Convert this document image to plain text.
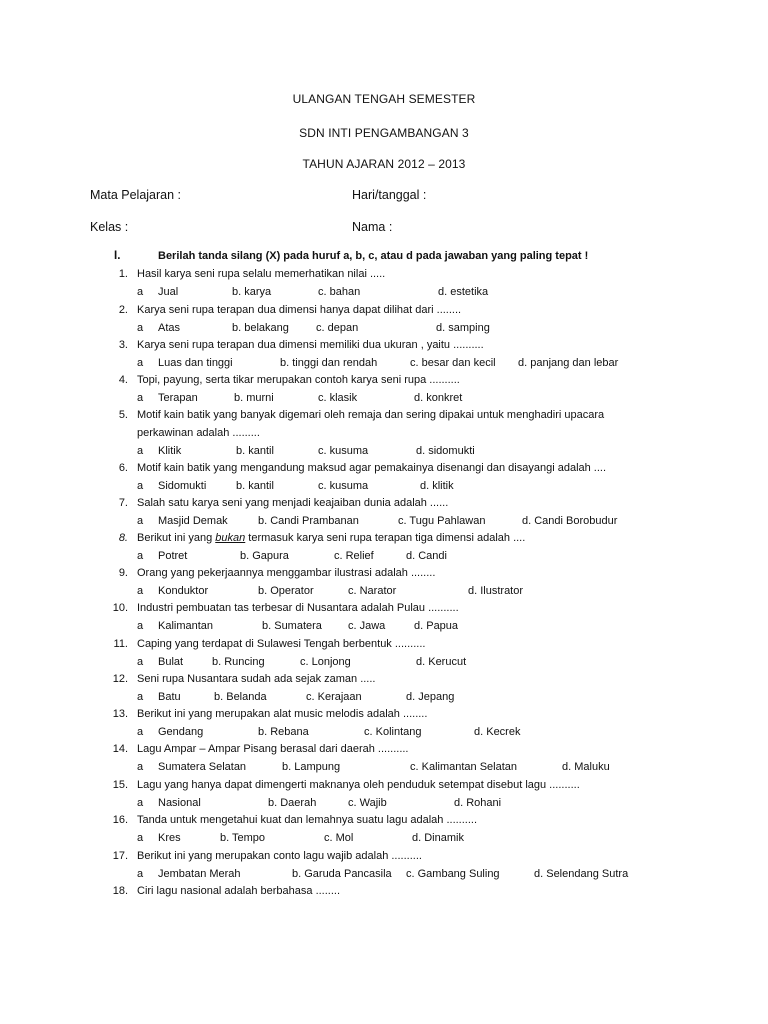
ULANGAN TENGAH SEMESTER
SDN INTI PENGAMBANGAN 3
TAHUN AJARAN 2012 – 2013
Mata Pelajaran :	Hari/tanggal :
Kelas :	Nama :
I.	Berilah tanda silang (X) pada huruf a, b, c, atau d pada jawaban yang paling tepat !
1. Hasil karya seni rupa selalu memerhatikan nilai .....
a Jual	b. karya	c. bahan	d. estetika
2. Karya seni rupa terapan dua dimensi hanya dapat dilihat dari ........
a Atas	b. belakang c. depan	d. samping
3. Karya seni rupa terapan dua dimensi memiliki dua ukuran , yaitu ..........
a Luas dan tinggi	b. tinggi dan rendah	c. besar dan kecil d. panjang dan lebar
4. Topi, payung, serta tikar merupakan contoh karya seni rupa ..........
a Terapan	b. murni	c. klasik	d. konkret
5. Motif kain batik yang banyak digemari oleh remaja dan sering dipakai untuk menghadiri upacara
perkawinan adalah .........
a Klitik	b. kantil	c. kusuma	d. sidomukti
6. Motif kain batik yang mengandung maksud agar pemakainya disenangi dan disayangi adalah ....
a Sidomukti	b. kantil	c. kusuma	d. klitik
7. Salah satu karya seni yang menjadi keajaiban dunia adalah ......
a Masjid Demak	b. Candi Prambanan	c. Tugu Pahlawan	d. Candi Borobudur
8. Berikut ini yang bukan termasuk karya seni rupa terapan tiga dimensi adalah ....
a Potret	b. Gapura	c. Relief	d. Candi
9. Orang yang pekerjaannya menggambar ilustrasi adalah ........
a Konduktor	b. Operator	c. Narator	d. Ilustrator
10. Industri pembuatan tas terbesar di Nusantara adalah Pulau ..........
a Kalimantan	b. Sumatera c. Jawa	d. Papua
11. Caping yang terdapat di Sulawesi Tengah berbentuk ..........
a Bulat	b. Runcing	c. Lonjong	d. Kerucut
12. Seni rupa Nusantara sudah ada sejak zaman .....
a Batu	b. Belanda	c. Kerajaan	d. Jepang
13. Berikut ini yang merupakan alat music melodis adalah ........
a Gendang	b. Rebana	c. Kolintang	d. Kecrek
14. Lagu Ampar – Ampar Pisang berasal dari daerah ..........
a Sumatera Selatan	b. Lampung	c. Kalimantan Selatan	d. Maluku
15. Lagu yang hanya dapat dimengerti maknanya oleh penduduk setempat disebut lagu ..........
a Nasional	b. Daerah	c. Wajib	d. Rohani
16. Tanda untuk mengetahui kuat dan lemahnya suatu lagu adalah ..........
a Kres	b. Tempo	c. Mol	d. Dinamik
17. Berikut ini yang merupakan conto lagu wajib adalah ..........
a Jembatan Merah	b. Garuda Pancasila c. Gambang Suling	d. Selendang Sutra
18. Ciri lagu nasional adalah berbahasa ........
